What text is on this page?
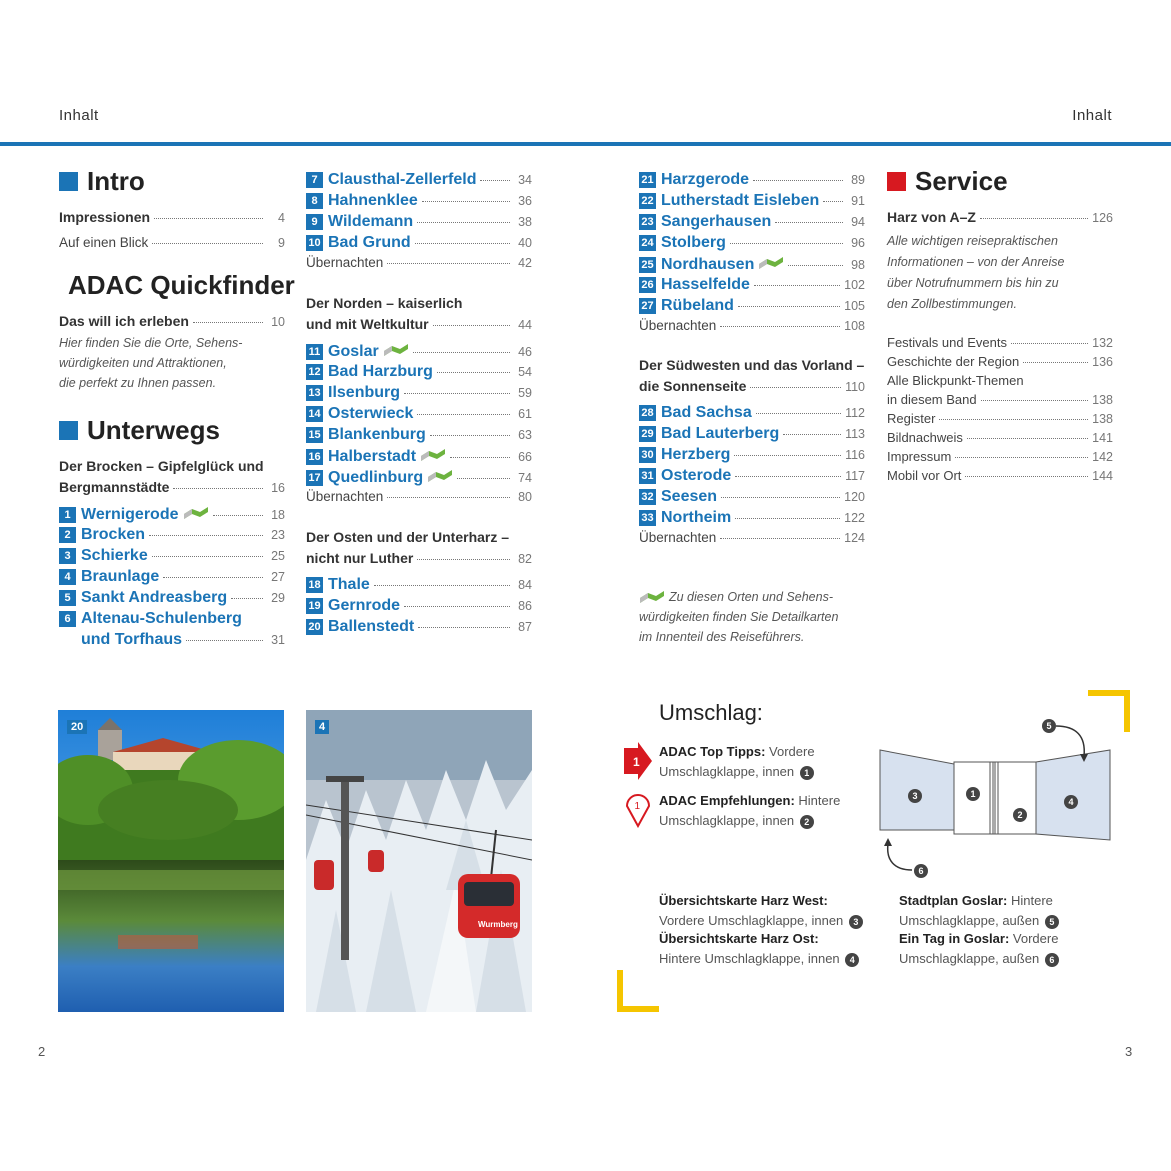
Inhalt	Inhalt
Intro
Impressionen	4
Auf einen Blick	9
ADAC Quickfinder
Das will ich erleben	10
Hier finden Sie die Orte, Sehens-
würdigkeiten und Attraktionen,
die perfekt zu Ihnen passen.
Unterwegs
Der Brocken – Gipfelglück und
Bergmannstädte	16
1 Wernigerode	18
2 Brocken	23
3 Schierke	25
4 Braunlage	27
5 Sankt Andreasberg	29
6 Altenau-Schulenberg
und Torfhaus	31
7 Clausthal-Zellerfeld	34
8 Hahnenklee	36
9 Wildemann	38
10 Bad Grund	40
Übernachten	42
Der Norden – kaiserlich
und mit Weltkultur	44
11 Goslar	46
12 Bad Harzburg	54
13 Ilsenburg	59
14 Osterwieck	61
15 Blankenburg	63
16 Halberstadt	66
17 Quedlinburg	74
Übernachten	80
Der Osten und der Unterharz –
nicht nur Luther	82
18 Thale	84
19 Gernrode	86
20 Ballenstedt	87
21 Harzgerode	89
22 Lutherstadt Eisleben	91
23 Sangerhausen	94
24 Stolberg	96
25 Nordhausen	98
26 Hasselfelde	102
27 Rübeland	105
Übernachten	108
Der Südwesten und das Vorland –
die Sonnenseite	110
28 Bad Sachsa	112
29 Bad Lauterberg	113
30 Herzberg	116
31 Osterode	117
32 Seesen	120
33 Northeim	122
Übernachten	124
Zu diesen Orten und Sehens-
würdigkeiten finden Sie Detailkarten
im Innenteil des Reiseführers.
Service
Harz von A–Z	126
Alle wichtigen reisepraktischen
Informationen – von der Anreise
über Notrufnummern bis hin zu
den Zollbestimmungen.
Festivals und Events	132
Geschichte der Region	136
Alle Blickpunkt-Themen
in diesem Band	138
Register	138
Bildnachweis	141
Impressum	142
Mobil vor Ort	144
20	4
Wurmberg
Umschlag:
1
ADAC Top Tipps: Vordere
Umschlagklappe, innen 1
1 ADAC Empfehlungen: Hintere
Umschlagklappe, innen 2
3	1
2
4
5
6
Übersichtskarte Harz West:
Vordere Umschlagklappe, innen 3
Übersichtskarte Harz Ost:
Hintere Umschlagklappe, innen 4
Stadtplan Goslar: Hintere
Umschlagklappe, außen 5
Ein Tag in Goslar: Vordere
Umschlagklappe, außen 6
2	3
